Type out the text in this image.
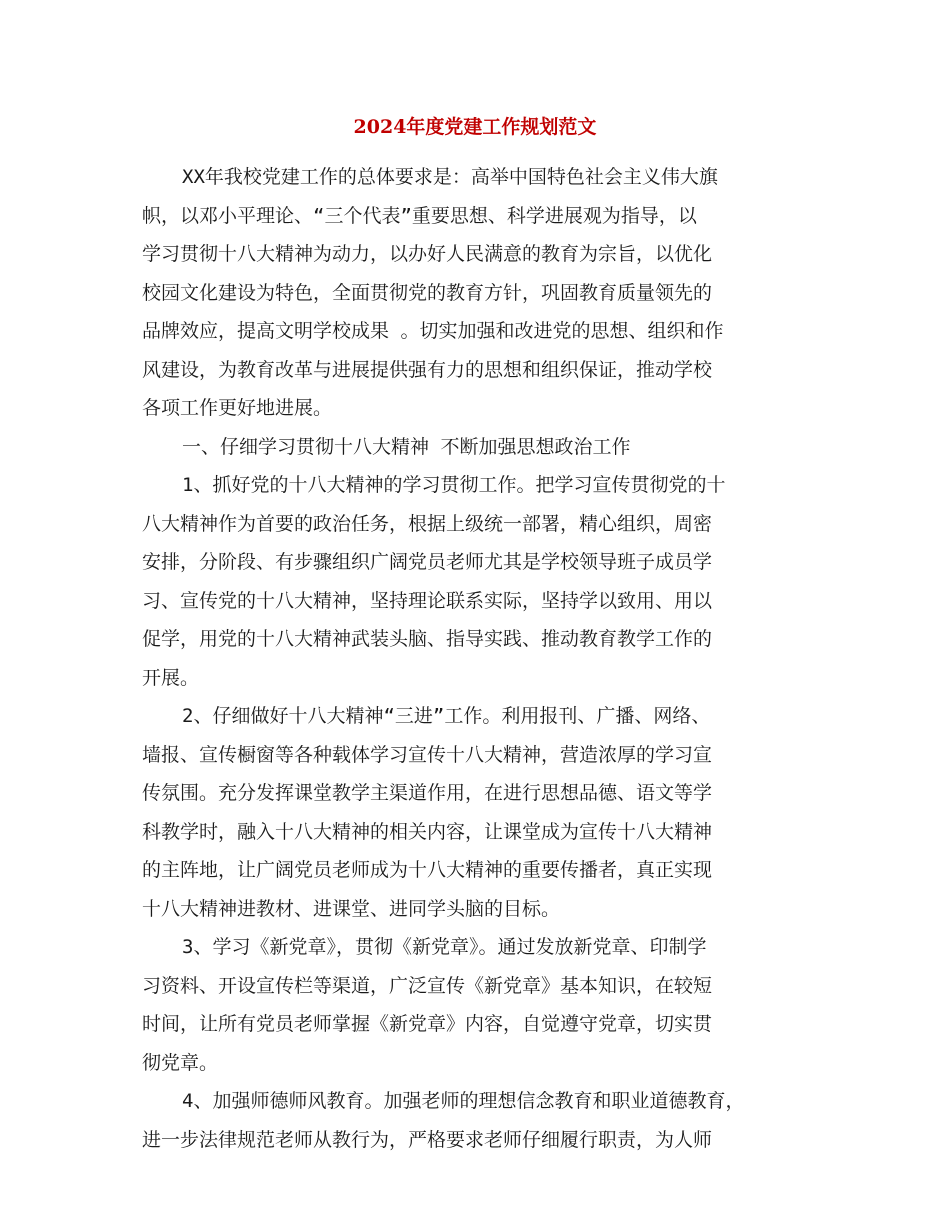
2024年度党建工作规划范文
XX年我校党建工作的总体要求是：高举中国特色社会主义伟大旗
帜，以邓小平理论、“三个代表”重要思想、科学进展观为指导，以
学习贯彻十八大精神为动力，以办好人民满意的教育为宗旨，以优化
校园文化建设为特色，全面贯彻党的教育方针，巩固教育质量领先的
品牌效应，提高文明学校成果 。切实加强和改进党的思想、组织和作
风建设，为教育改革与进展提供强有力的思想和组织保证，推动学校
各项工作更好地进展。
一、仔细学习贯彻十八大精神 不断加强思想政治工作
1、抓好党的十八大精神的学习贯彻工作。把学习宣传贯彻党的十
八大精神作为首要的政治任务，根据上级统一部署，精心组织，周密
安排，分阶段、有步骤组织广阔党员老师尤其是学校领导班子成员学
习、宣传党的十八大精神，坚持理论联系实际，坚持学以致用、用以
促学，用党的十八大精神武装头脑、指导实践、推动教育教学工作的
开展。
2、仔细做好十八大精神“三进”工作。利用报刊、广播、网络、
墙报、宣传橱窗等各种载体学习宣传十八大精神，营造浓厚的学习宣
传氛围。充分发挥课堂教学主渠道作用，在进行思想品德、语文等学
科教学时，融入十八大精神的相关内容，让课堂成为宣传十八大精神
的主阵地，让广阔党员老师成为十八大精神的重要传播者，真正实现
十八大精神进教材、进课堂、进同学头脑的目标。
3、学习《新党章》，贯彻《新党章》。通过发放新党章、印制学
习资料、开设宣传栏等渠道，广泛宣传《新党章》基本知识，在较短
时间，让所有党员老师掌握《新党章》内容，自觉遵守党章，切实贯
彻党章。
4、加强师德师风教育。加强老师的理想信念教育和职业道德教育，
进一步法律规范老师从教行为，严格要求老师仔细履行职责，为人师
